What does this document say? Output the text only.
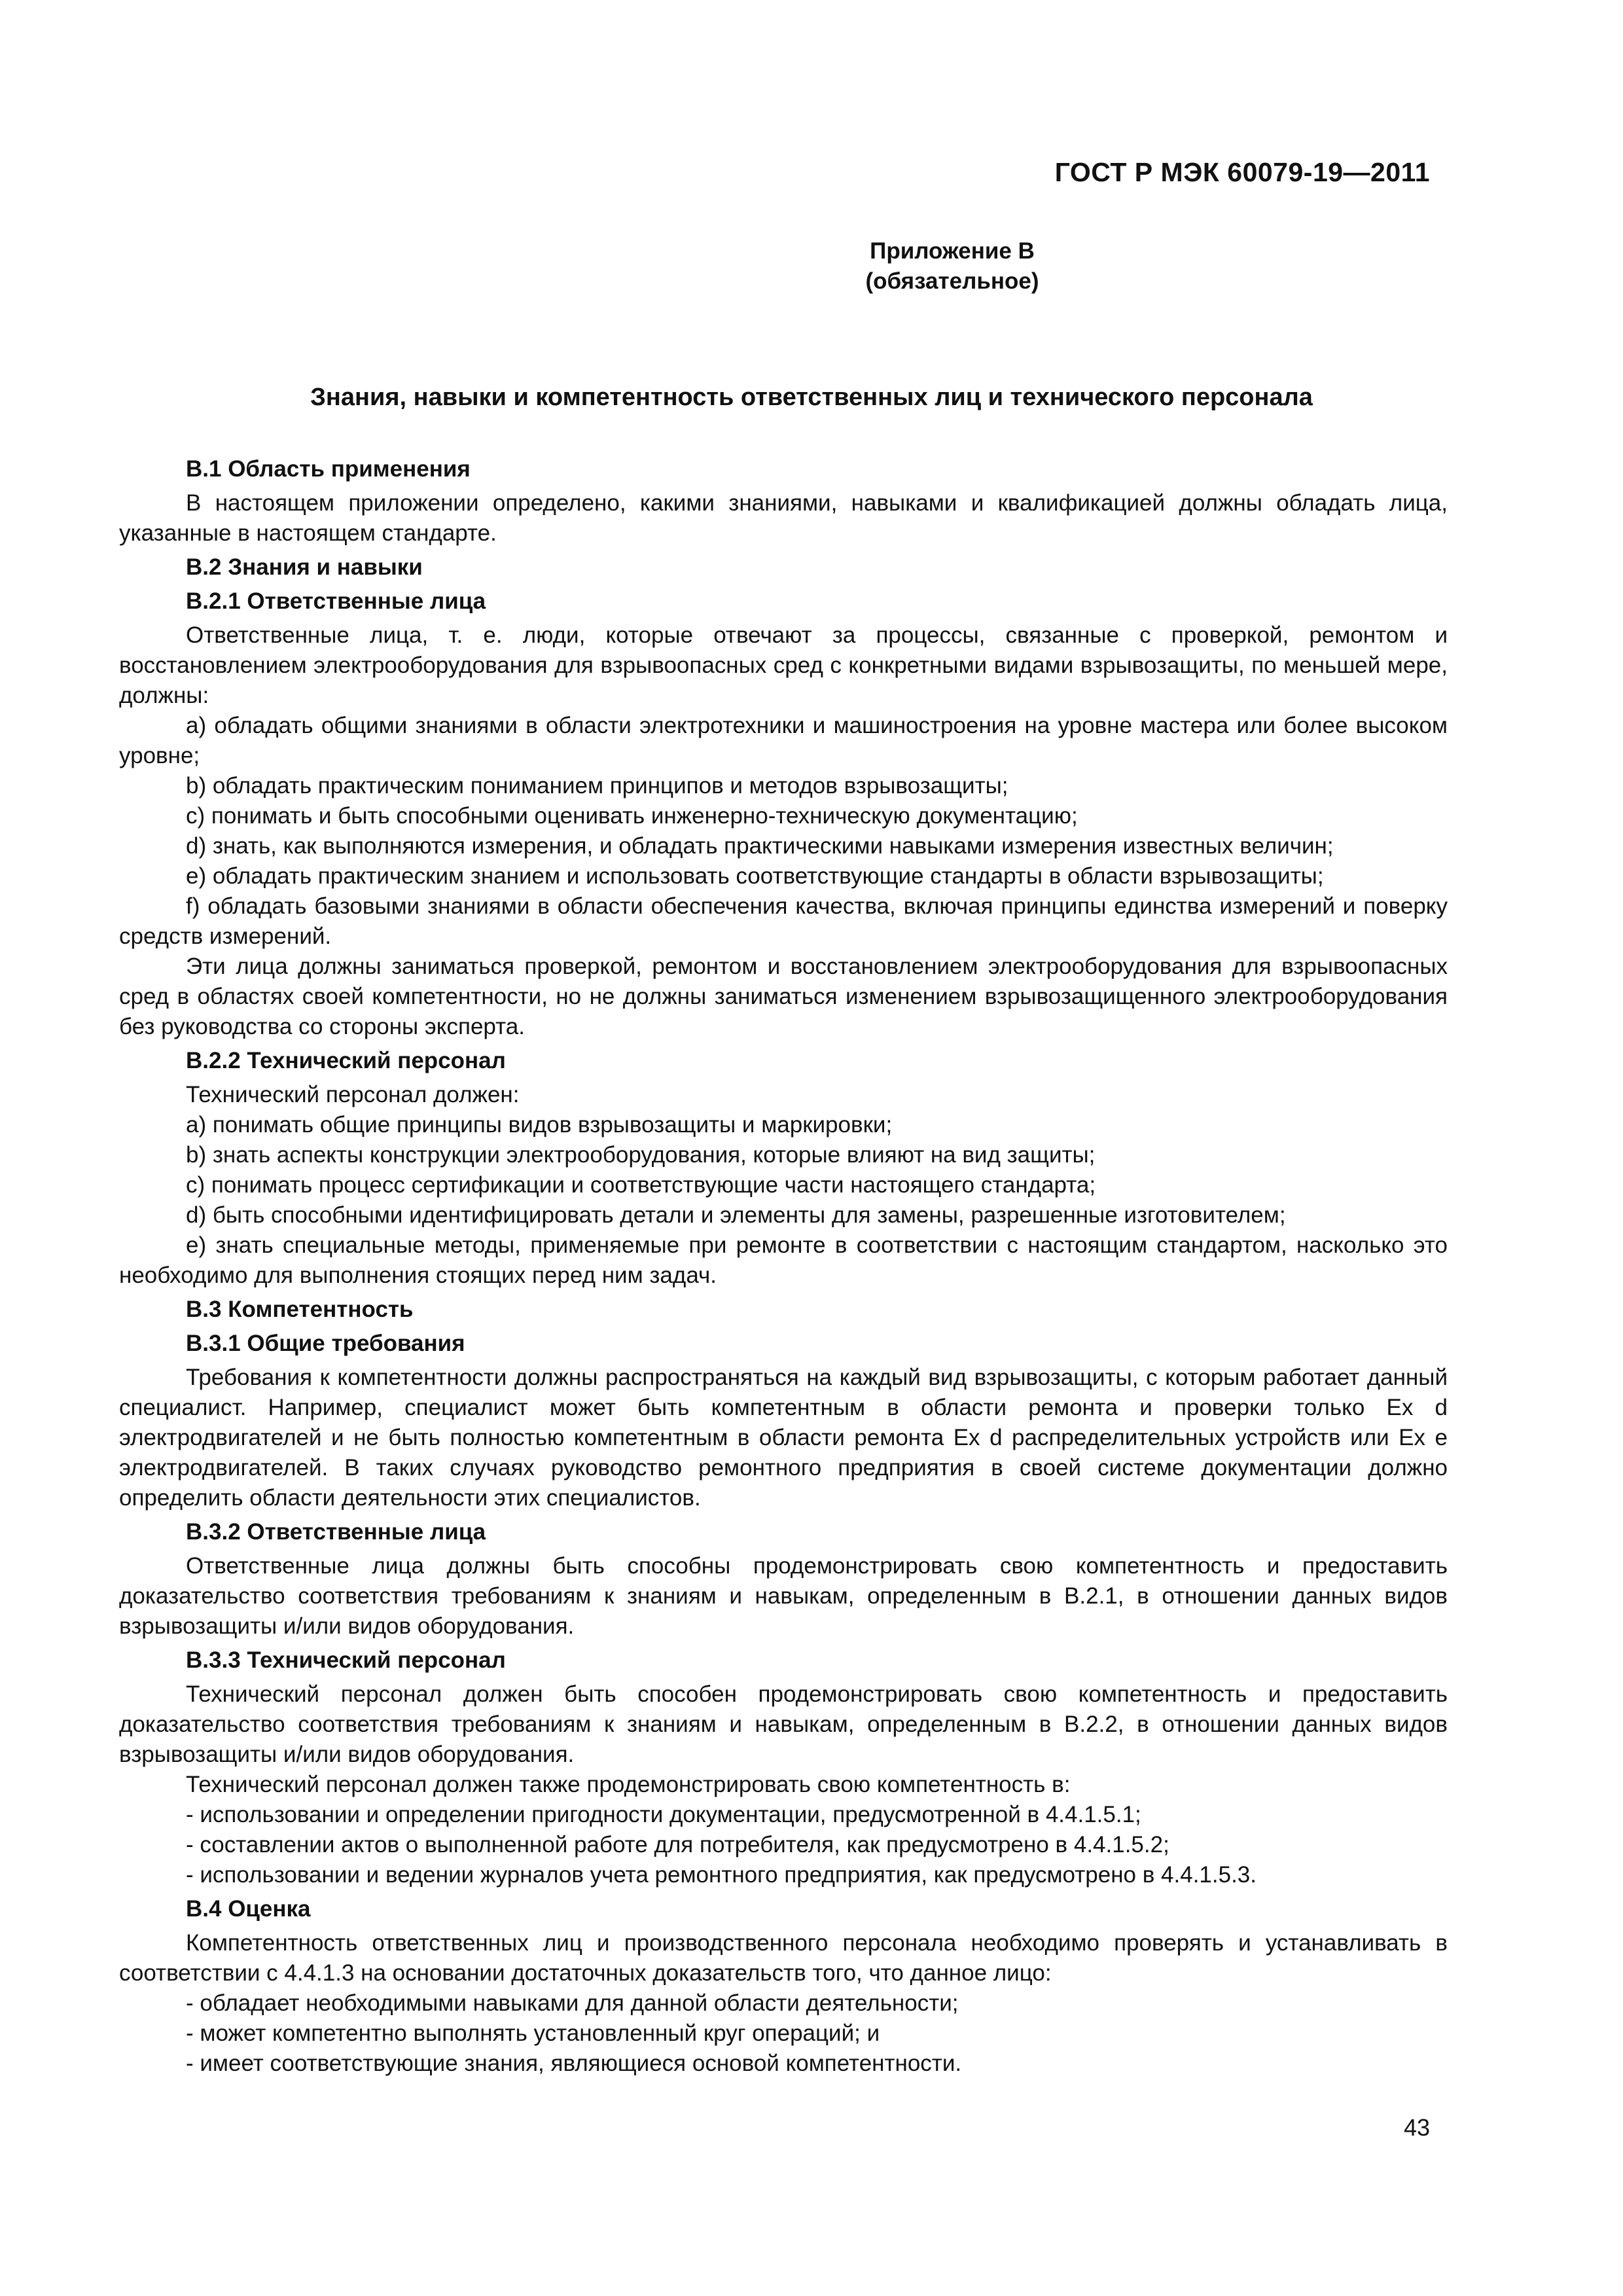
ГОСТ Р МЭК 60079-19—2011
Приложение В
(обязательное)
Знания, навыки и компетентность ответственных лиц и технического персонала
В.1 Область применения

В настоящем приложении определено, какими знаниями, навыками и квалификацией должны обладать лица, указанные в настоящем стандарте.

В.2 Знания и навыки
В.2.1 Ответственные лица

Ответственные лица, т. е. люди, которые отвечают за процессы, связанные с проверкой, ремонтом и восстановлением электрооборудования для взрывоопасных сред с конкретными видами взрывозащиты, по меньшей мере, должны:

a) обладать общими знаниями в области электротехники и машиностроения на уровне мастера или более высоком уровне;

b) обладать практическим пониманием принципов и методов взрывозащиты;

c) понимать и быть способными оценивать инженерно-техническую документацию;

d) знать, как выполняются измерения, и обладать практическими навыками измерения известных величин;

e) обладать практическим знанием и использовать соответствующие стандарты в области взрывозащиты;

f) обладать базовыми знаниями в области обеспечения качества, включая принципы единства измерений и поверку средств измерений.

Эти лица должны заниматься проверкой, ремонтом и восстановлением электрооборудования для взрывоопасных сред в областях своей компетентности, но не должны заниматься изменением взрывозащищенного электрооборудования без руководства со стороны эксперта.

В.2.2 Технический персонал

Технический персонал должен:

a) понимать общие принципы видов взрывозащиты и маркировки;

b) знать аспекты конструкции электрооборудования, которые влияют на вид защиты;

c) понимать процесс сертификации и соответствующие части настоящего стандарта;

d) быть способными идентифицировать детали и элементы для замены, разрешенные изготовителем;

e) знать специальные методы, применяемые при ремонте в соответствии с настоящим стандартом, насколько это необходимо для выполнения стоящих перед ним задач.

В.3 Компетентность
В.3.1 Общие требования

Требования к компетентности должны распространяться на каждый вид взрывозащиты, с которым работает данный специалист. Например, специалист может быть компетентным в области ремонта и проверки только Ex d электродвигателей и не быть полностью компетентным в области ремонта Ex d распределительных устройств или Ex e электродвигателей. В таких случаях руководство ремонтного предприятия в своей системе документации должно определить области деятельности этих специалистов.

В.3.2 Ответственные лица

Ответственные лица должны быть способны продемонстрировать свою компетентность и предоставить доказательство соответствия требованиям к знаниям и навыкам, определенным в В.2.1, в отношении данных видов взрывозащиты и/или видов оборудования.

В.3.3 Технический персонал

Технический персонал должен быть способен продемонстрировать свою компетентность и предоставить доказательство соответствия требованиям к знаниям и навыкам, определенным в В.2.2, в отношении данных видов взрывозащиты и/или видов оборудования.

Технический персонал должен также продемонстрировать свою компетентность в:

- использовании и определении пригодности документации, предусмотренной в 4.4.1.5.1;

- составлении актов о выполненной работе для потребителя, как предусмотрено в 4.4.1.5.2;

- использовании и ведении журналов учета ремонтного предприятия, как предусмотрено в 4.4.1.5.3.

В.4 Оценка

Компетентность ответственных лиц и производственного персонала необходимо проверять и устанавливать в соответствии с 4.4.1.3 на основании достаточных доказательств того, что данное лицо:

- обладает необходимыми навыками для данной области деятельности;

- может компетентно выполнять установленный круг операций; и

- имеет соответствующие знания, являющиеся основой компетентности.

43
